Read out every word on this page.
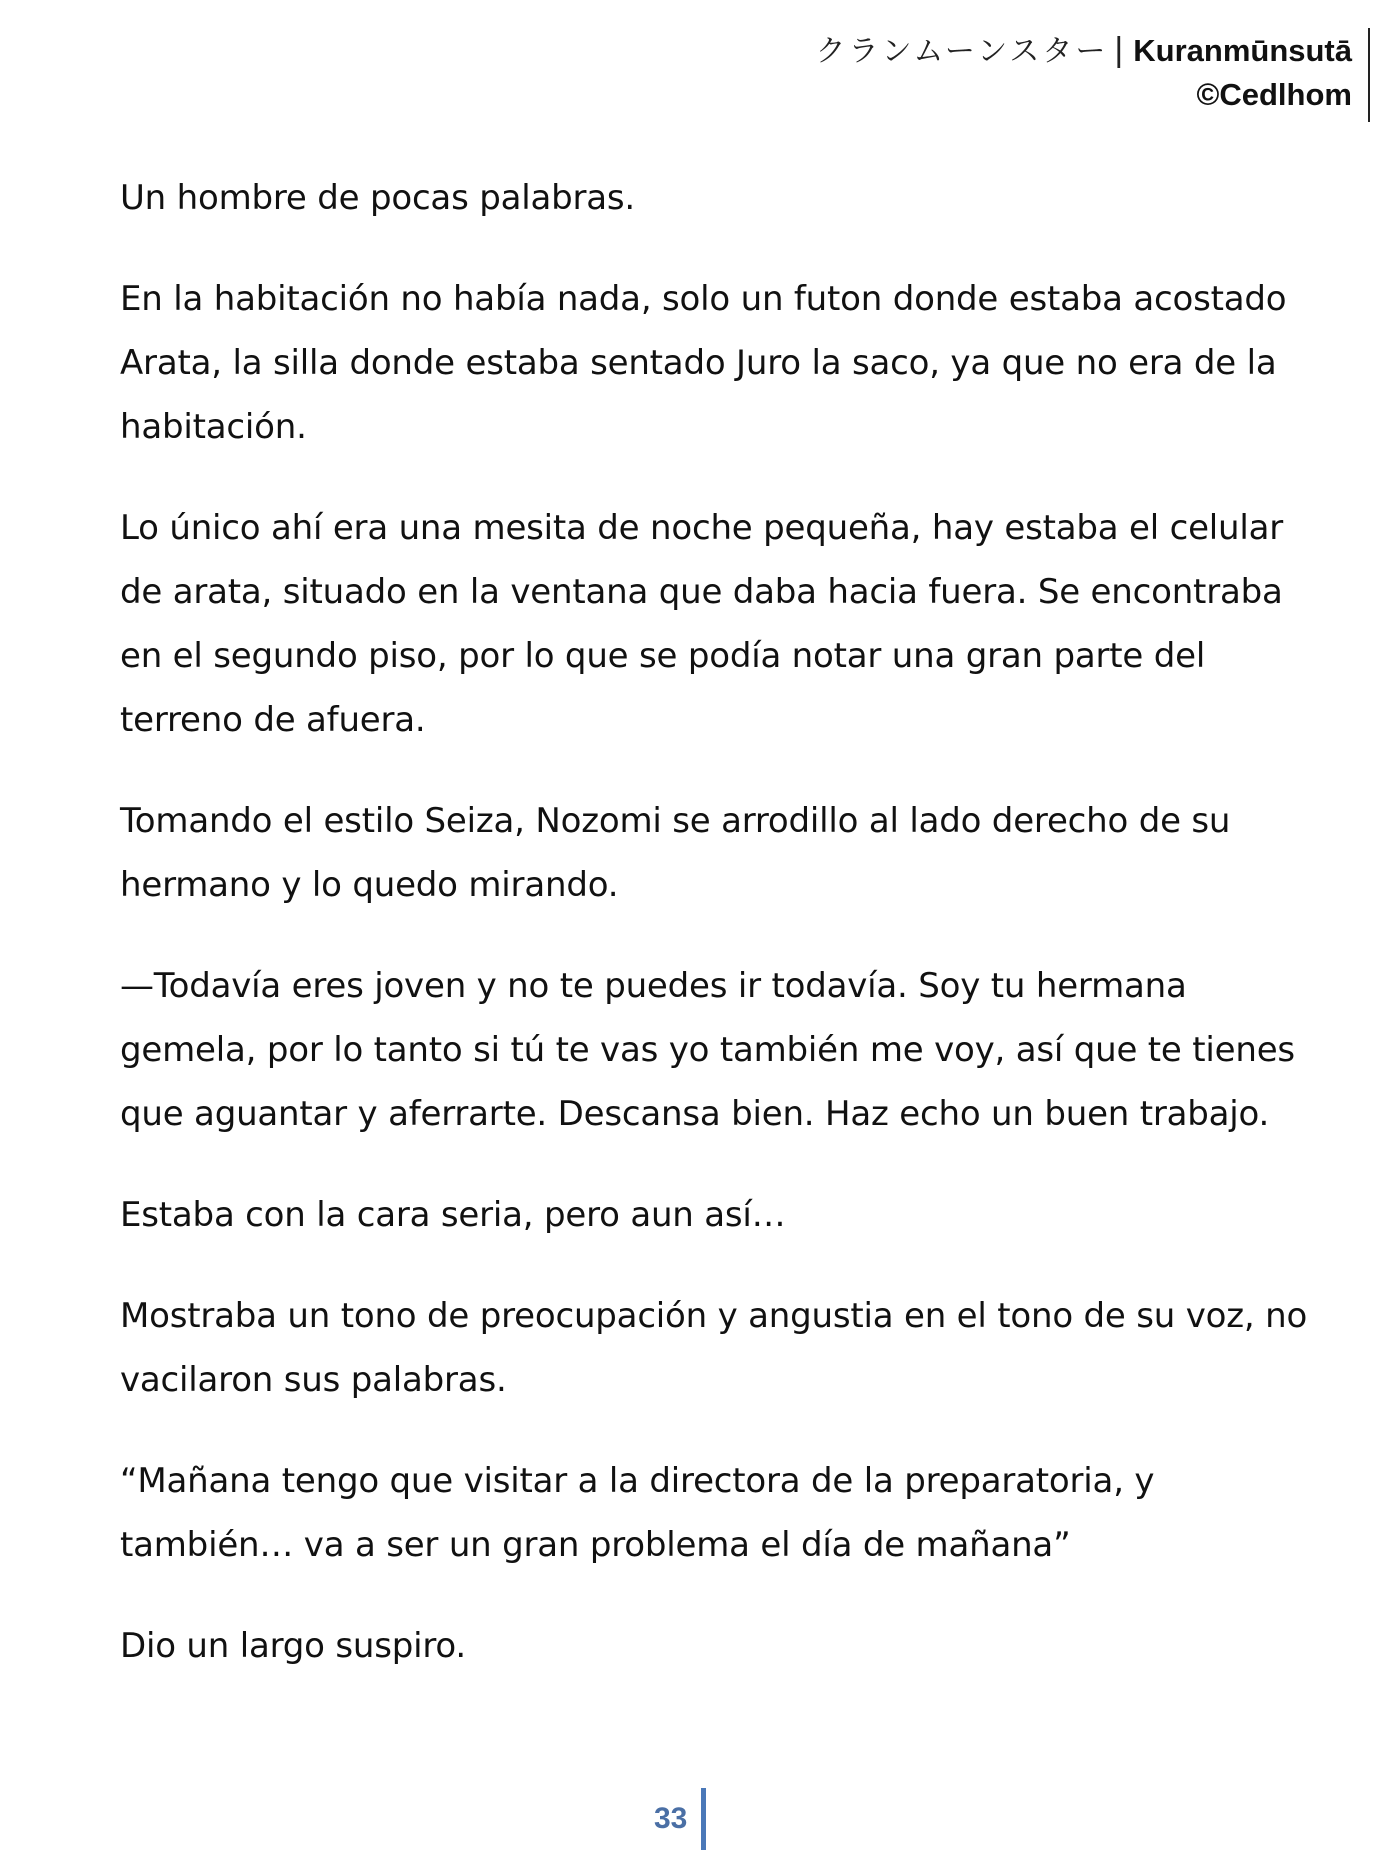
クランムーンスター | Kuranmūnsutā
©Cedlhom

Un hombre de pocas palabras.

En la habitación no había nada, solo un futon donde estaba acostado Arata, la silla donde estaba sentado Juro la saco, ya que no era de la habitación.

Lo único ahí era una mesita de noche pequeña, hay estaba el celular de arata, situado en la ventana que daba hacia fuera. Se encontraba en el segundo piso, por lo que se podía notar una gran parte del terreno de afuera.

Tomando el estilo Seiza, Nozomi se arrodillo al lado derecho de su hermano y lo quedo mirando.

—Todavía eres joven y no te puedes ir todavía. Soy tu hermana gemela, por lo tanto si tú te vas yo también me voy, así que te tienes que aguantar y aferrarte. Descansa bien. Haz echo un buen trabajo.

Estaba con la cara seria, pero aun así…

Mostraba un tono de preocupación y angustia en el tono de su voz, no vacilaron sus palabras.

“Mañana tengo que visitar a la directora de la preparatoria, y también… va a ser un gran problema el día de mañana”

Dio un largo suspiro.

33
